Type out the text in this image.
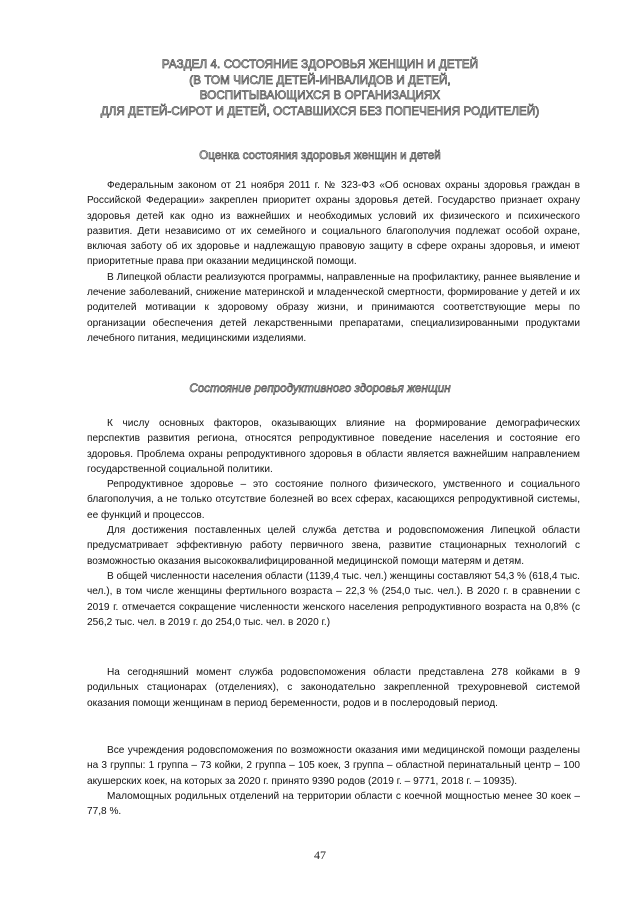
РАЗДЕЛ 4. СОСТОЯНИЕ ЗДОРОВЬЯ ЖЕНЩИН И ДЕТЕЙ
(В ТОМ ЧИСЛЕ ДЕТЕЙ-ИНВАЛИДОВ И ДЕТЕЙ,
ВОСПИТЫВАЮЩИХСЯ В ОРГАНИЗАЦИЯХ
ДЛЯ ДЕТЕЙ-СИРОТ И ДЕТЕЙ, ОСТАВШИХСЯ БЕЗ ПОПЕЧЕНИЯ РОДИТЕЛЕЙ)
Оценка состояния здоровья женщин и детей

Федеральным законом от 21 ноября 2011 г. № 323-ФЗ «Об основах охраны здоровья граждан в Российской Федерации» закреплен приоритет охраны здоровья детей. Государство признает охрану здоровья детей как одно из важнейших и необходимых условий их физического и психического развития. Дети независимо от их семейного и социального благополучия подлежат особой охране, включая заботу об их здоровье и надлежащую правовую защиту в сфере охраны здоровья, и имеют приоритетные права при оказании медицинской помощи.

В Липецкой области реализуются программы, направленные на профилактику, раннее выявление и лечение заболеваний, снижение материнской и младенческой смертности, формирование у детей и их родителей мотивации к здоровому образу жизни, и принимаются соответствующие меры по организации обеспечения детей лекарственными препаратами, специализированными продуктами лечебного питания, медицинскими изделиями.

Состояние репродуктивного здоровья женщин

К числу основных факторов, оказывающих влияние на формирование демографических перспектив развития региона, относятся репродуктивное поведение населения и состояние его здоровья. Проблема охраны репродуктивного здоровья в области является важнейшим направлением государственной социальной политики.

Репродуктивное здоровье – это состояние полного физического, умственного и социального благополучия, а не только отсутствие болезней во всех сферах, касающихся репродуктивной системы, ее функций и процессов.

Для достижения поставленных целей служба детства и родовспоможения Липецкой области предусматривает эффективную работу первичного звена, развитие стационарных технологий с возможностью оказания высококвалифицированной медицинской помощи матерям и детям.

В общей численности населения области (1139,4 тыс. чел.) женщины составляют 54,3 % (618,4 тыс. чел.), в том числе женщины фертильного возраста – 22,3 % (254,0 тыс. чел.). В 2020 г. в сравнении с 2019 г. отмечается сокращение численности женского населения репродуктивного возраста на 0,8% (с 256,2 тыс. чел. в 2019 г. до 254,0 тыс. чел. в 2020 г.)

На сегодняшний момент служба родовспоможения области представлена 278 койками в 9 родильных стационарах (отделениях), с законодательно закрепленной трехуровневой системой оказания помощи женщинам в период беременности, родов и в послеродовый период.

Все учреждения родовспоможения по возможности оказания ими медицинской помощи разделены на 3 группы: 1 группа – 73 койки, 2 группа – 105 коек, 3 группа – областной перинатальный центр – 100 акушерских коек, на которых за 2020 г. принято 9390 родов (2019 г. – 9771, 2018 г. – 10935).

Маломощных родильных отделений на территории области с коечной мощностью менее 30 коек – 77,8 %.

47
